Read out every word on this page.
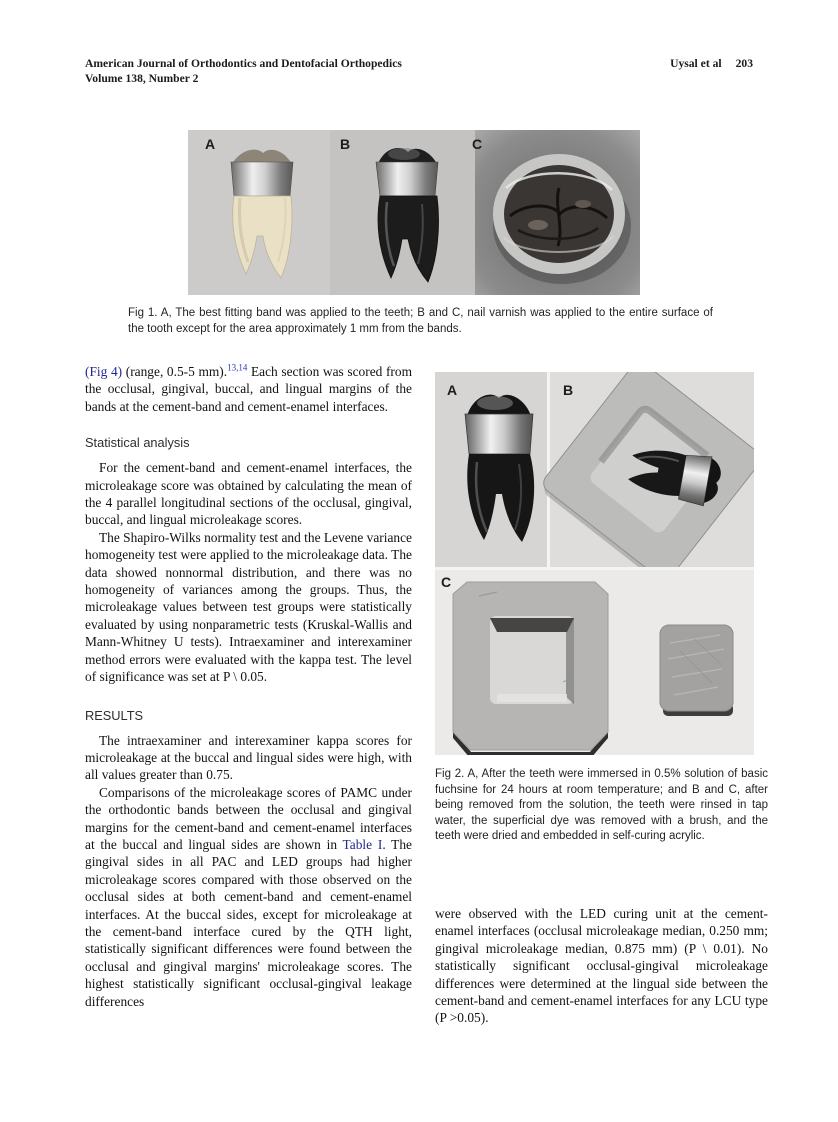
American Journal of Orthodontics and Dentofacial Orthopedics
Volume 138, Number 2
Uysal et al 203
A	B	C
Fig 1. A, The best fitting band was applied to the teeth; B and C, nail varnish was applied to the entire surface of the tooth except for the area approximately 1 mm from the bands.
A	B
C
Fig 2. A, After the teeth were immersed in 0.5% solution of basic fuchsine for 24 hours at room temperature; and B and C, after being removed from the solution, the teeth were rinsed in tap water, the superficial dye was removed with a brush, and the teeth were dried and embedded in self-curing acrylic.

(Fig 4) (range, 0.5-5 mm).$^{13,14}$ Each section was scored from the occlusal, gingival, buccal, and lingual margins of the bands at the cement-band and cement-enamel interfaces.

Statistical analysis

For the cement-band and cement-enamel interfaces, the microleakage score was obtained by calculating the mean of the 4 parallel longitudinal sections of the occlusal, gingival, buccal, and lingual microleakage scores.

The Shapiro-Wilks normality test and the Levene variance homogeneity test were applied to the microleakage data. The data showed nonnormal distribution, and there was no homogeneity of variances among the groups. Thus, the microleakage values between test groups were statistically evaluated by using nonparametric tests (Kruskal-Wallis and Mann-Whitney U tests). Intraexaminer and interexaminer method errors were evaluated with the kappa test. The level of significance was set at P \ 0.05.

RESULTS

The intraexaminer and interexaminer kappa scores for microleakage at the buccal and lingual sides were high, with all values greater than 0.75.

Comparisons of the microleakage scores of PAMC under the orthodontic bands between the occlusal and gingival margins for the cement-band and cement-enamel interfaces at the buccal and lingual sides are shown in Table I. The gingival sides in all PAC and LED groups had higher microleakage scores compared with those observed on the occlusal sides at both cement-band and cement-enamel interfaces. At the buccal sides, except for microleakage at the cement-band interface cured by the QTH light, statistically significant differences were found between the occlusal and gingival margins' microleakage scores. The highest statistically significant occlusal-gingival leakage differences

were observed with the LED curing unit at the cement-enamel interfaces (occlusal microleakage median, 0.250 mm; gingival microleakage median, 0.875 mm) (P \ 0.01). No statistically significant occlusal-gingival microleakage differences were determined at the lingual side between the cement-band and cement-enamel interfaces for any LCU type (P >0.05).
